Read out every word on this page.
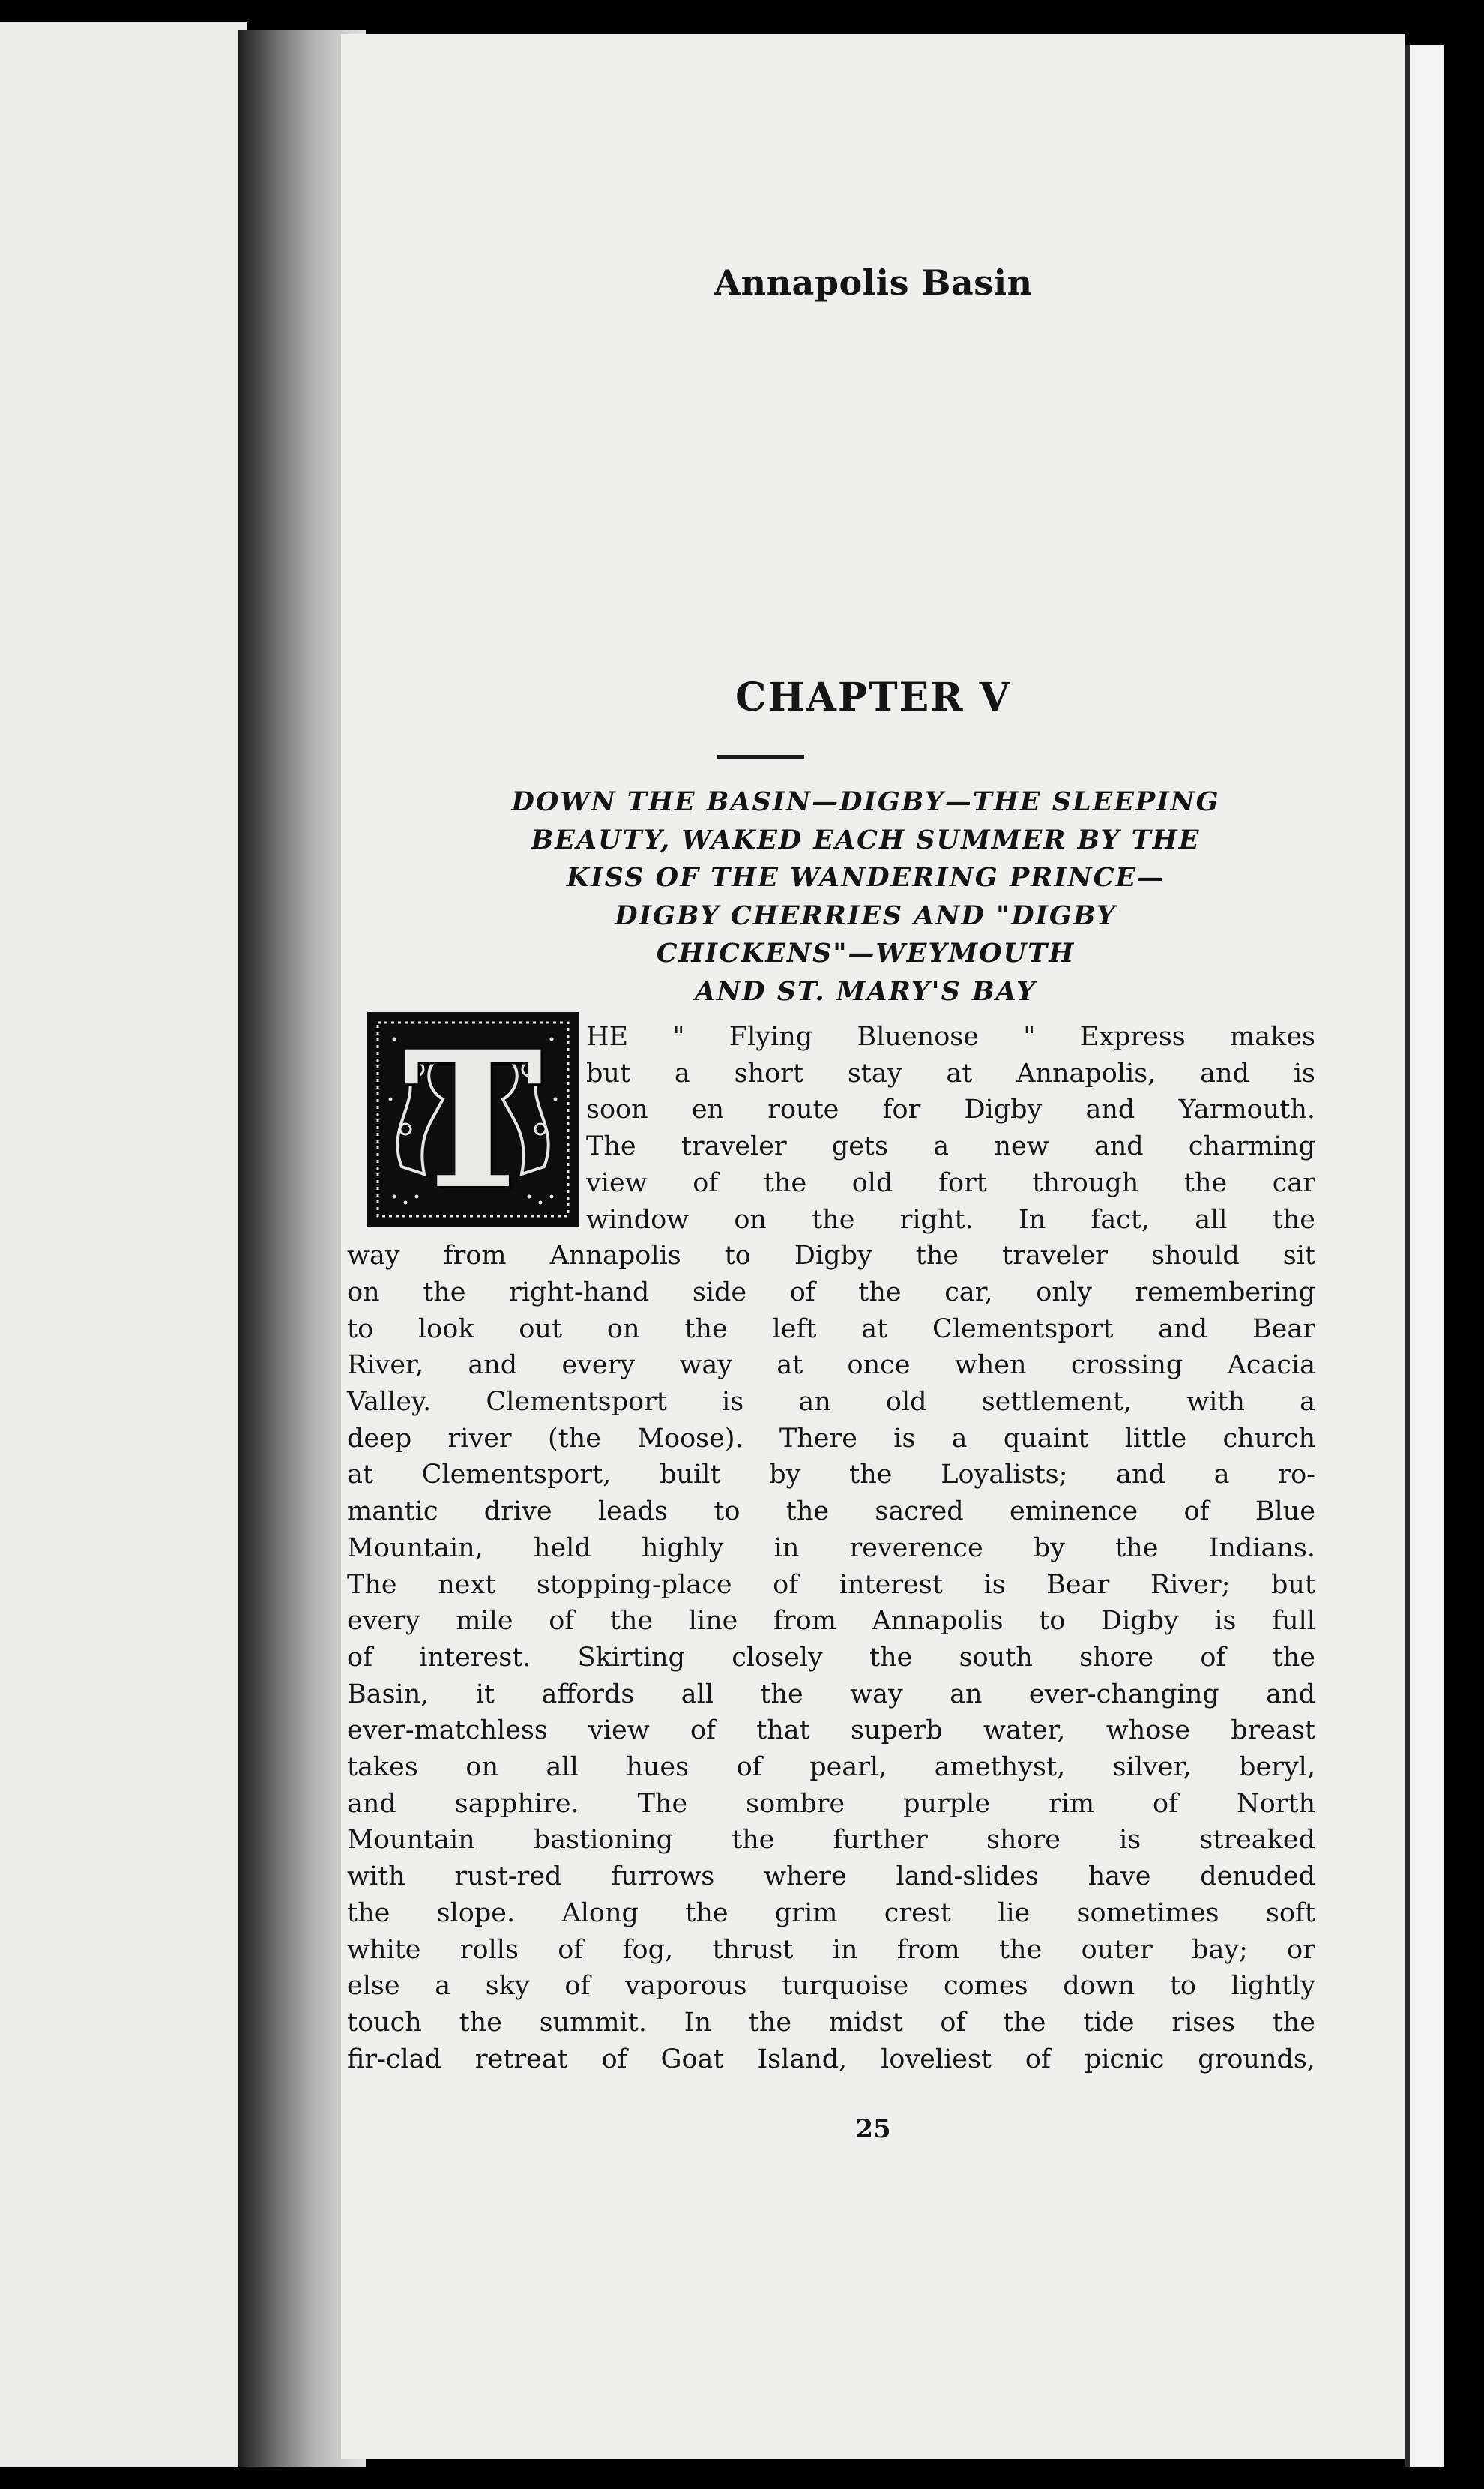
Annapolis Basin
CHAPTER V
DOWN THE BASIN—DIGBY—THE SLEEPING
BEAUTY, WAKED EACH SUMMER BY THE
KISS OF THE WANDERING PRINCE—
DIGBY CHERRIES AND "DIGBY
CHICKENS"—WEYMOUTH
AND ST. MARY'S BAY
T	HE " Flying Bluenose " Express makes
but a short stay at Annapolis, and is
soon en route for Digby and Yarmouth.
The traveler gets a new and charming
view of the old fort through the car
window on the right. In fact, all the
way from Annapolis to Digby the traveler should sit
on the right-hand side of the car, only remembering
to look out on the left at Clementsport and Bear
River, and every way at once when crossing Acacia
Valley. Clementsport is an old settlement, with a
deep river (the Moose). There is a quaint little church
at Clementsport, built by the Loyalists; and a ro-
mantic drive leads to the sacred eminence of Blue
Mountain, held highly in reverence by the Indians.
The next stopping-place of interest is Bear River; but
every mile of the line from Annapolis to Digby is full
of interest. Skirting closely the south shore of the
Basin, it affords all the way an ever-changing and
ever-matchless view of that superb water, whose breast
takes on all hues of pearl, amethyst, silver, beryl,
and sapphire. The sombre purple rim of North
Mountain bastioning the further shore is streaked
with rust-red furrows where land-slides have denuded
the slope. Along the grim crest lie sometimes soft
white rolls of fog, thrust in from the outer bay; or
else a sky of vaporous turquoise comes down to lightly
touch the summit. In the midst of the tide rises the
fir-clad retreat of Goat Island, loveliest of picnic grounds,
25
